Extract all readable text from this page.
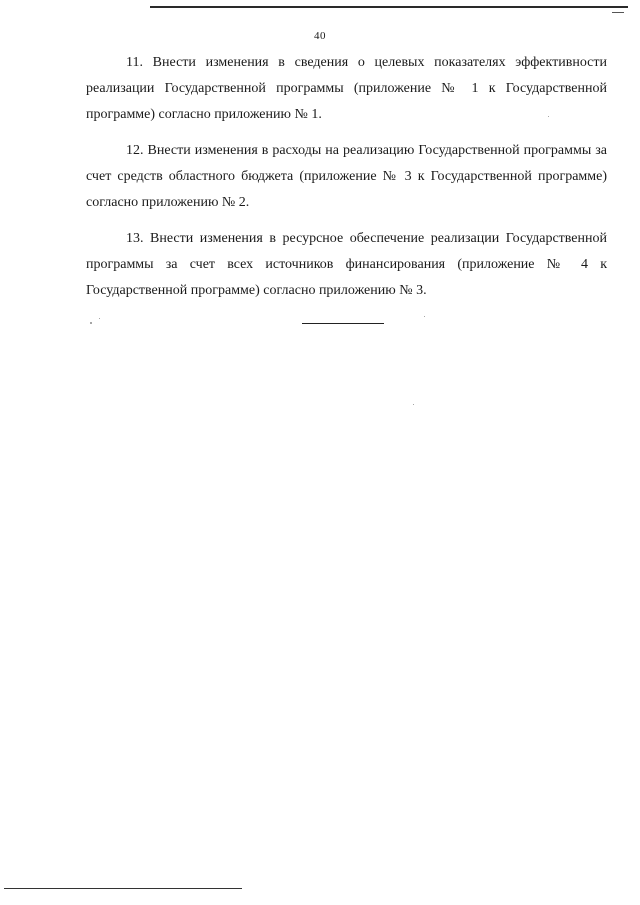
40

11. Внести изменения в сведения о целевых показателях эффективности реализации Государственной программы (приложение № 1 к Государственной программе) согласно приложению № 1.

12. Внести изменения в расходы на реализацию Государственной программы за счет средств областного бюджета (приложение № 3 к Государственной программе) согласно приложению № 2.

13. Внести изменения в ресурсное обеспечение реализации Государственной программы за счет всех источников финансирования (приложение № 4 к Государственной программе) согласно приложению № 3.
